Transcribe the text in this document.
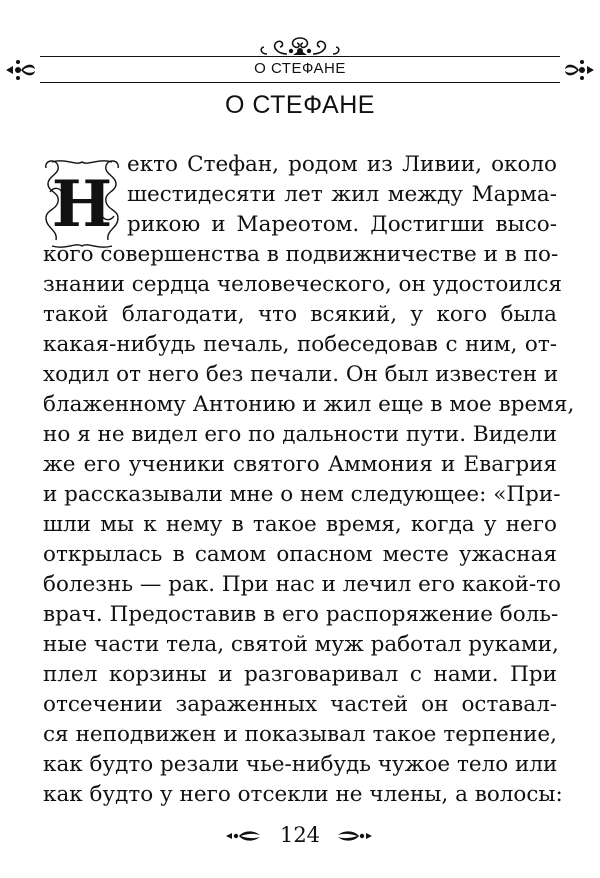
О СТЕФАНЕ
О СТЕФАНЕ
Н
екто Стефан, родом из Ливии, около
шестидесяти лет жил между Марма-
рикою и Мареотом. Достигши высо-
кого совершенства в подвижничестве и в по-
знании сердца человеческого, он удостоился
такой благодати, что всякий, у кого была
какая-нибудь печаль, побеседовав с ним, от-
ходил от него без печали. Он был известен и
блаженному Антонию и жил еще в мое время,
но я не видел его по дальности пути. Видели
же его ученики святого Аммония и Евагрия
и рассказывали мне о нем следующее: «При-
шли мы к нему в такое время, когда у него
открылась в самом опасном месте ужасная
болезнь — рак. При нас и лечил его какой-то
врач. Предоставив в его распоряжение боль-
ные части тела, святой муж работал руками,
плел корзины и разговаривал с нами. При
отсечении зараженных частей он оставал-
ся неподвижен и показывал такое терпение,
как будто резали чье-нибудь чужое тело или
как будто у него отсекли не члены, а волосы:
124
